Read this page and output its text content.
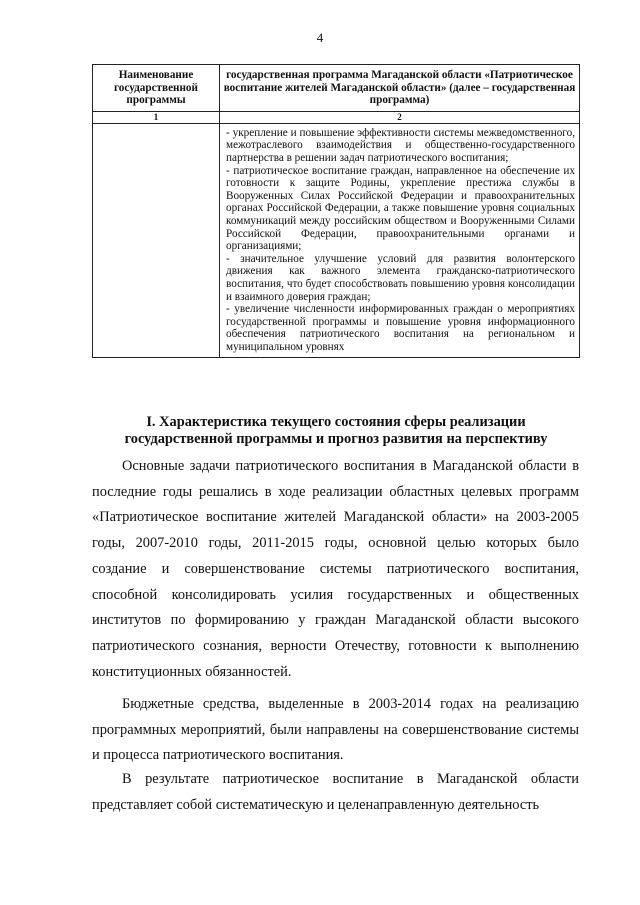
4
Наименование государственной программы	государственная программа Магаданской области «Патриотическое воспитание жителей Магаданской области» (далее – государственная программа)
1	2

	- укрепление и повышение эффективности системы межведомственного, межотраслевого взаимодействия и общественно-государственного партнерства в решении задач патриотического воспитания;

- патриотическое воспитание граждан, направленное на обеспечение их готовности к защите Родины, укрепление престижа службы в Вооруженных Силах Российской Федерации и правоохранительных органах Российской Федерации, а также повышение уровня социальных коммуникаций между российским обществом и Вооруженными Силами Российской Федерации, правоохранительными органами и организациями;

- значительное улучшение условий для развития волонтерского движения как важного элемента гражданско-патриотического воспитания, что будет способствовать повышению уровня консолидации и взаимного доверия граждан;

- увеличение численности информированных граждан о мероприятиях государственной программы и повышение уровня информационного обеспечения патриотического воспитания на региональном и муниципальном уровнях

I. Характеристика текущего состояния сферы реализации государственной программы и прогноз развития на перспективу

Основные задачи патриотического воспитания в Магаданской области в последние годы решались в ходе реализации областных целевых программ «Патриотическое воспитание жителей Магаданской области» на 2003-2005 годы, 2007-2010 годы, 2011-2015 годы, основной целью которых было создание и совершенствование системы патриотического воспитания, способной консолидировать усилия государственных и общественных институтов по формированию у граждан Магаданской области высокого патриотического сознания, верности Отечеству, готовности к выполнению конституционных обязанностей.

Бюджетные средства, выделенные в 2003-2014 годах на реализацию программных мероприятий, были направлены на совершенствование системы и процесса патриотического воспитания.

В результате патриотическое воспитание в Магаданской области представляет собой систематическую и целенаправленную деятельность
